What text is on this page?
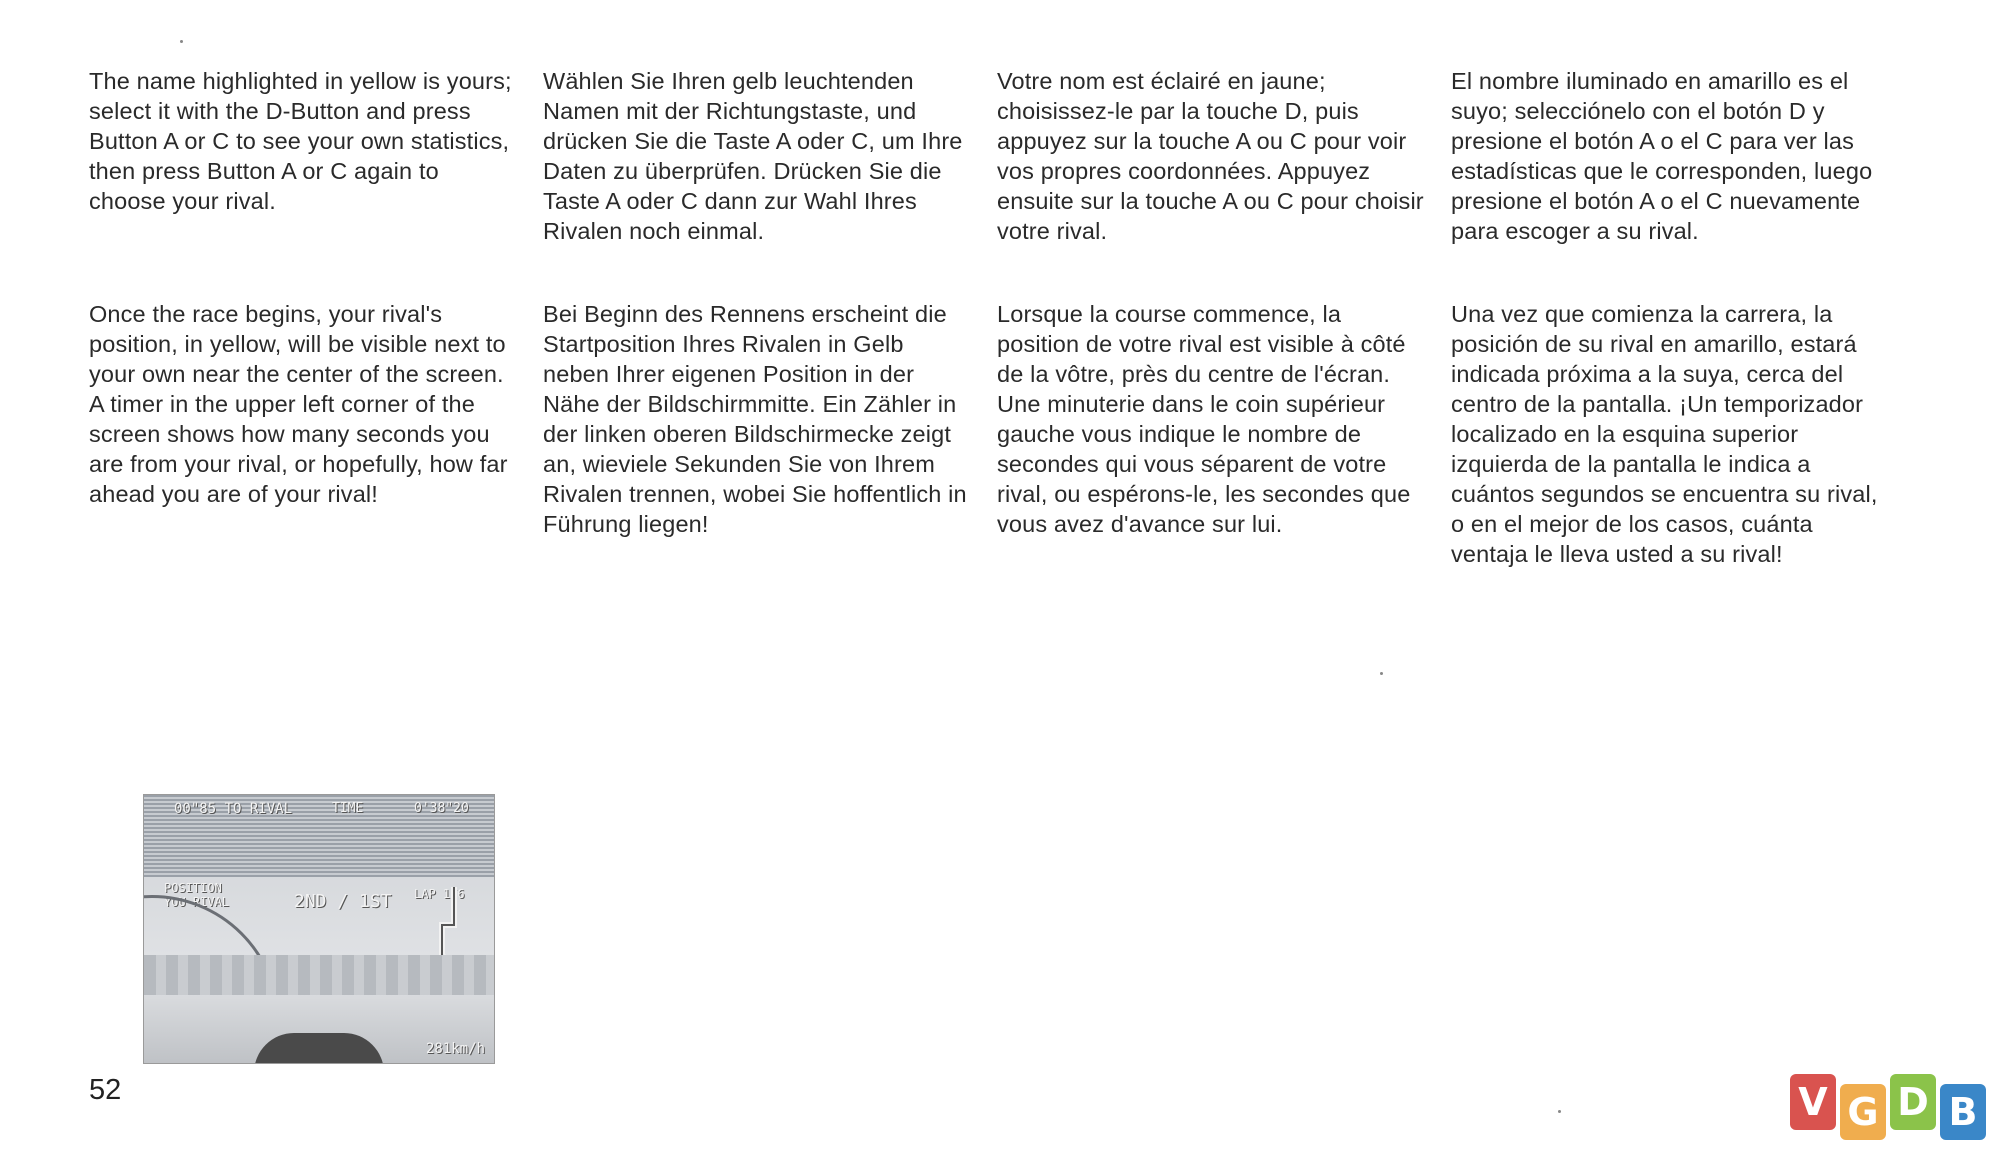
The name highlighted in yellow is yours; select it with the D-Button and press Button A or C to see your own statistics, then press Button A or C again to choose your rival.

Once the race begins, your rival's position, in yellow, will be visible next to your own near the center of the screen. A timer in the upper left corner of the screen shows how many seconds you are from your rival, or hopefully, how far ahead you are of your rival!

Wählen Sie Ihren gelb leuchtenden Namen mit der Richtungstaste, und drücken Sie die Taste A oder C, um Ihre Daten zu überprüfen. Drücken Sie die Taste A oder C dann zur Wahl Ihres Rivalen noch einmal.

Bei Beginn des Rennens erscheint die Startposition Ihres Rivalen in Gelb neben Ihrer eigenen Position in der Nähe der Bildschirmmitte. Ein Zähler in der linken oberen Bildschirmecke zeigt an, wieviele Sekunden Sie von Ihrem Rivalen trennen, wobei Sie hoffentlich in Führung liegen!

Votre nom est éclairé en jaune; choisissez-le par la touche D, puis appuyez sur la touche A ou C pour voir vos propres coordonnées. Appuyez ensuite sur la touche A ou C pour choisir votre rival.

Lorsque la course commence, la position de votre rival est visible à côté de la vôtre, près du centre de l'écran. Une minuterie dans le coin supérieur gauche vous indique le nombre de secondes qui vous séparent de votre rival, ou espérons-le, les secondes que vous avez d'avance sur lui.

El nombre iluminado en amarillo es el suyo; selecciónelo con el botón D y presione el botón A o el C para ver las estadísticas que le corresponden, luego presione el botón A o el C nuevamente para escoger a su rival.

Una vez que comienza la carrera, la posición de su rival en amarillo, estará indicada próxima a la suya, cerca del centro de la pantalla. ¡Un temporizador localizado en la esquina superior izquierda de la pantalla le indica a cuántos segundos se encuentra su rival, o en el mejor de los casos, cuánta ventaja le lleva usted a su rival!

00"85 TO RIVAL	TIME	0'38"20
POSITION
YOU RIVAL	2ND / 1ST LAP 1/6
281km/h
52	V G D B
